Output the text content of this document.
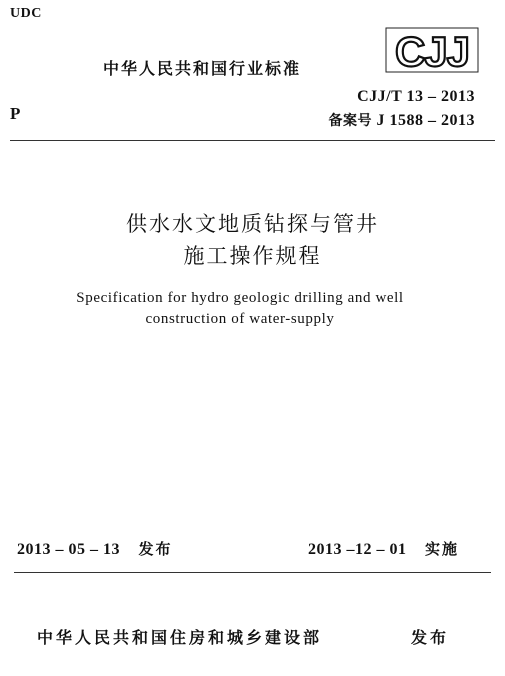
UDC
中华人民共和国行业标准 CJJ
P
CJJ/T 13 – 2013
备案号 J 1588 – 2013
供水水文地质钻探与管井
施工操作规程
Specification for hydro geologic drilling and well
construction of water-supply
2013 – 05 – 13 发布	2013 –12 – 01 实施
中华人民共和国住房和城乡建设部	发布
